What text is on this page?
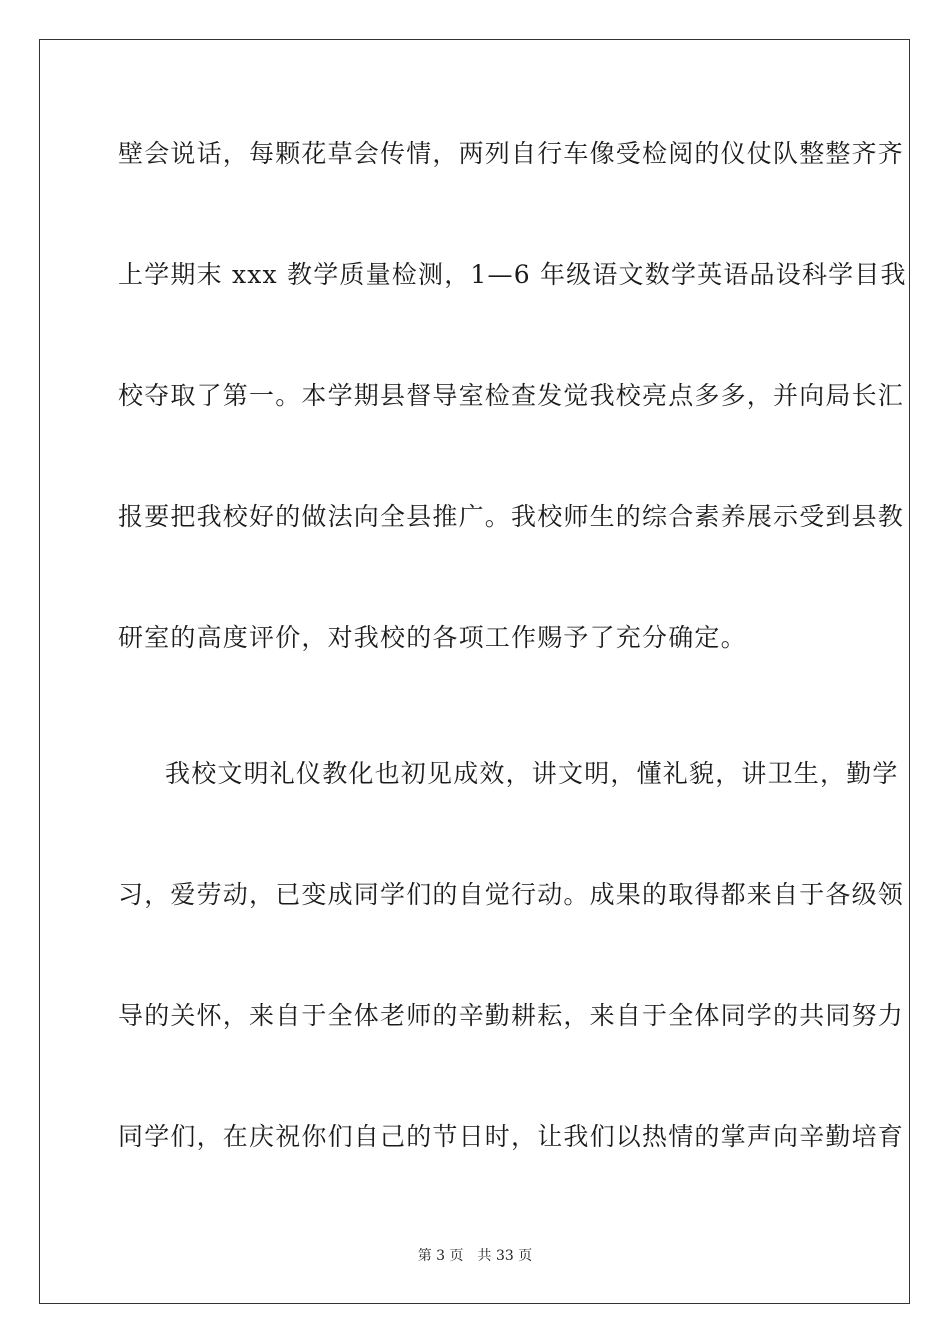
壁会说话，每颗花草会传情，两列自行车像受检阅的仪仗队整整齐齐
上学期末 xxx 教学质量检测，1—6 年级语文数学英语品设科学目我
校夺取了第一。本学期县督导室检查发觉我校亮点多多，并向局长汇
报要把我校好的做法向全县推广。我校师生的综合素养展示受到县教
研室的高度评价，对我校的各项工作赐予了充分确定。
我校文明礼仪教化也初见成效，讲文明，懂礼貌，讲卫生，勤学
习，爱劳动，已变成同学们的自觉行动。成果的取得都来自于各级领
导的关怀，来自于全体老师的辛勤耕耘，来自于全体同学的共同努力
同学们，在庆祝你们自己的节日时，让我们以热情的掌声向辛勤培育
第 3 页 共 33 页
